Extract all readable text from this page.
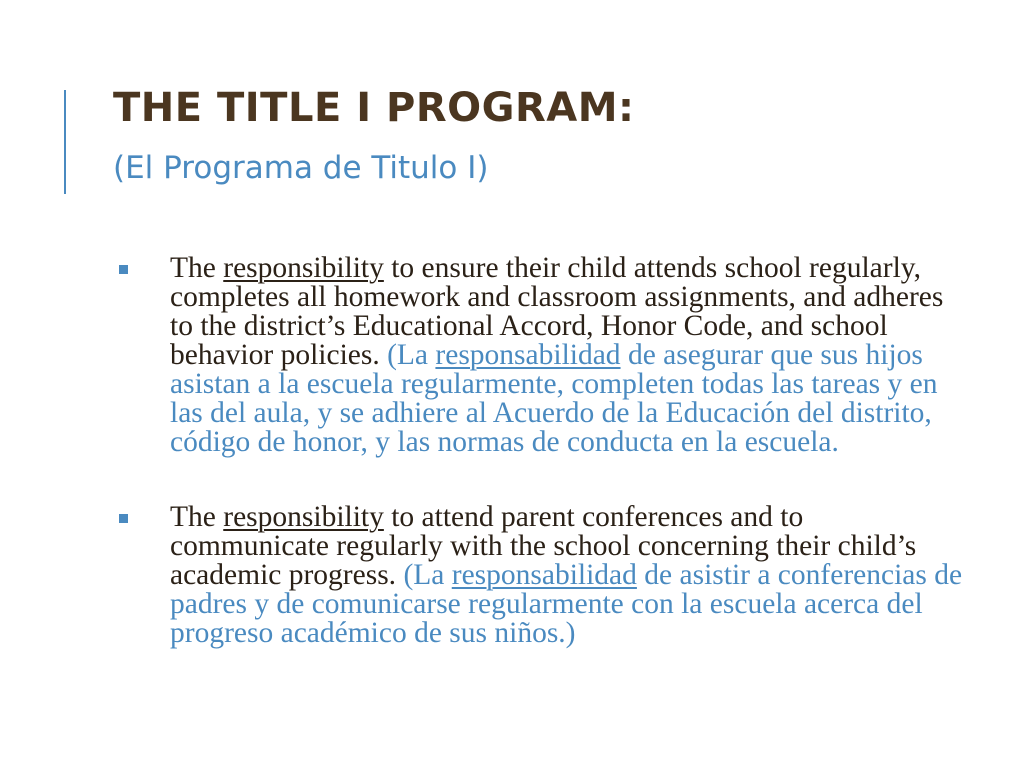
THE TITLE I PROGRAM:
(El Programa de Titulo I)
The responsibility to ensure their child attends school regularly, completes all homework and classroom assignments, and adheres to the district’s Educational Accord, Honor Code, and school behavior policies. (La responsabilidad de asegurar que sus hijos asistan a la escuela regularmente, completen todas las tareas y en las del aula, y se adhiere al Acuerdo de la Educación del distrito, código de honor, y las normas de conducta en la escuela.
The responsibility to attend parent conferences and to communicate regularly with the school concerning their child’s academic progress. (La responsabilidad de asistir a conferencias de padres y de comunicarse regularmente con la escuela acerca del progreso académico de sus niños.)
